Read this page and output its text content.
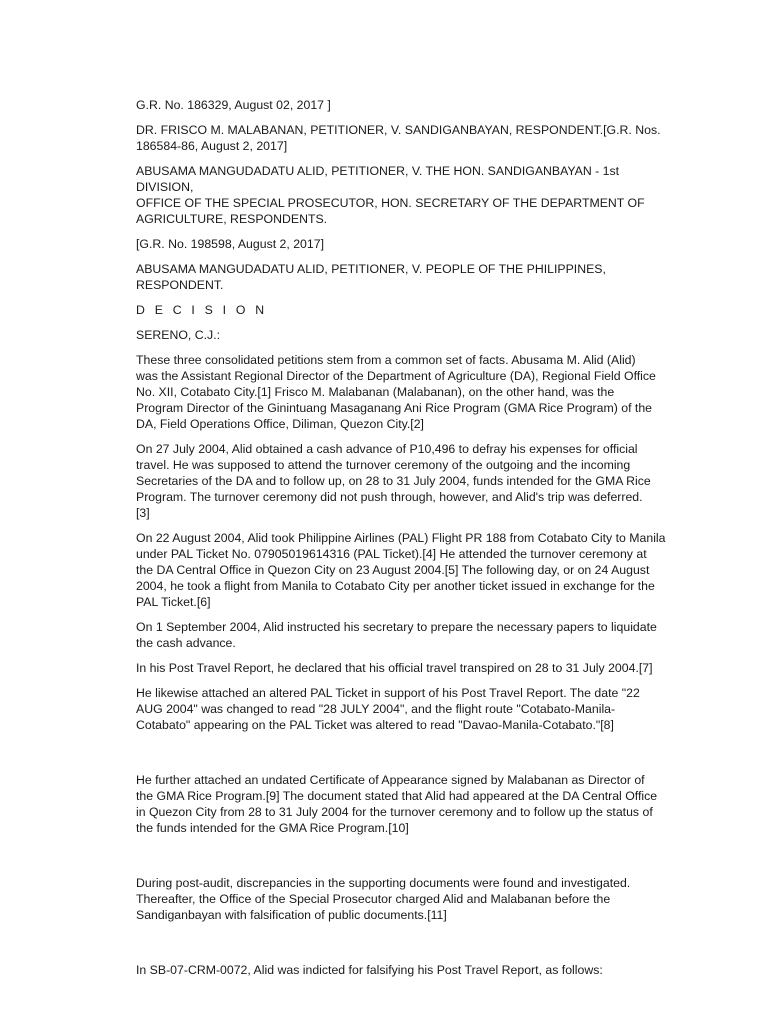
G.R. No. 186329, August 02, 2017 ]

DR. FRISCO M. MALABANAN, PETITIONER, V. SANDIGANBAYAN, RESPONDENT.[G.R. Nos.
186584-86, August 2, 2017]

ABUSAMA MANGUDADATU ALID, PETITIONER, V. THE HON. SANDIGANBAYAN - 1st DIVISION,
OFFICE OF THE SPECIAL PROSECUTOR, HON. SECRETARY OF THE DEPARTMENT OF
AGRICULTURE, RESPONDENTS.

[G.R. No. 198598, August 2, 2017]

ABUSAMA MANGUDADATU ALID, PETITIONER, V. PEOPLE OF THE PHILIPPINES, RESPONDENT.

D E C I S I O N

SERENO, C.J.:

These three consolidated petitions stem from a common set of facts. Abusama M. Alid (Alid)
was the Assistant Regional Director of the Department of Agriculture (DA), Regional Field Office
No. XII, Cotabato City.[1] Frisco M. Malabanan (Malabanan), on the other hand, was the
Program Director of the Ginintuang Masaganang Ani Rice Program (GMA Rice Program) of the
DA, Field Operations Office, Diliman, Quezon City.[2]

On 27 July 2004, Alid obtained a cash advance of P10,496 to defray his expenses for official
travel. He was supposed to attend the turnover ceremony of the outgoing and the incoming
Secretaries of the DA and to follow up, on 28 to 31 July 2004, funds intended for the GMA Rice
Program. The turnover ceremony did not push through, however, and Alid's trip was deferred.
[3]

On 22 August 2004, Alid took Philippine Airlines (PAL) Flight PR 188 from Cotabato City to Manila
under PAL Ticket No. 07905019614316 (PAL Ticket).[4] He attended the turnover ceremony at
the DA Central Office in Quezon City on 23 August 2004.[5] The following day, or on 24 August
2004, he took a flight from Manila to Cotabato City per another ticket issued in exchange for the
PAL Ticket.[6]

On 1 September 2004, Alid instructed his secretary to prepare the necessary papers to liquidate
the cash advance.

In his Post Travel Report, he declared that his official travel transpired on 28 to 31 July 2004.[7]

He likewise attached an altered PAL Ticket in support of his Post Travel Report. The date "22
AUG 2004" was changed to read "28 JULY 2004", and the flight route "Cotabato-Manila-
Cotabato" appearing on the PAL Ticket was altered to read "Davao-Manila-Cotabato."[8]

He further attached an undated Certificate of Appearance signed by Malabanan as Director of
the GMA Rice Program.[9] The document stated that Alid had appeared at the DA Central Office
in Quezon City from 28 to 31 July 2004 for the turnover ceremony and to follow up the status of
the funds intended for the GMA Rice Program.[10]

During post-audit, discrepancies in the supporting documents were found and investigated.
Thereafter, the Office of the Special Prosecutor charged Alid and Malabanan before the
Sandiganbayan with falsification of public documents.[11]

In SB-07-CRM-0072, Alid was indicted for falsifying his Post Travel Report, as follows:
